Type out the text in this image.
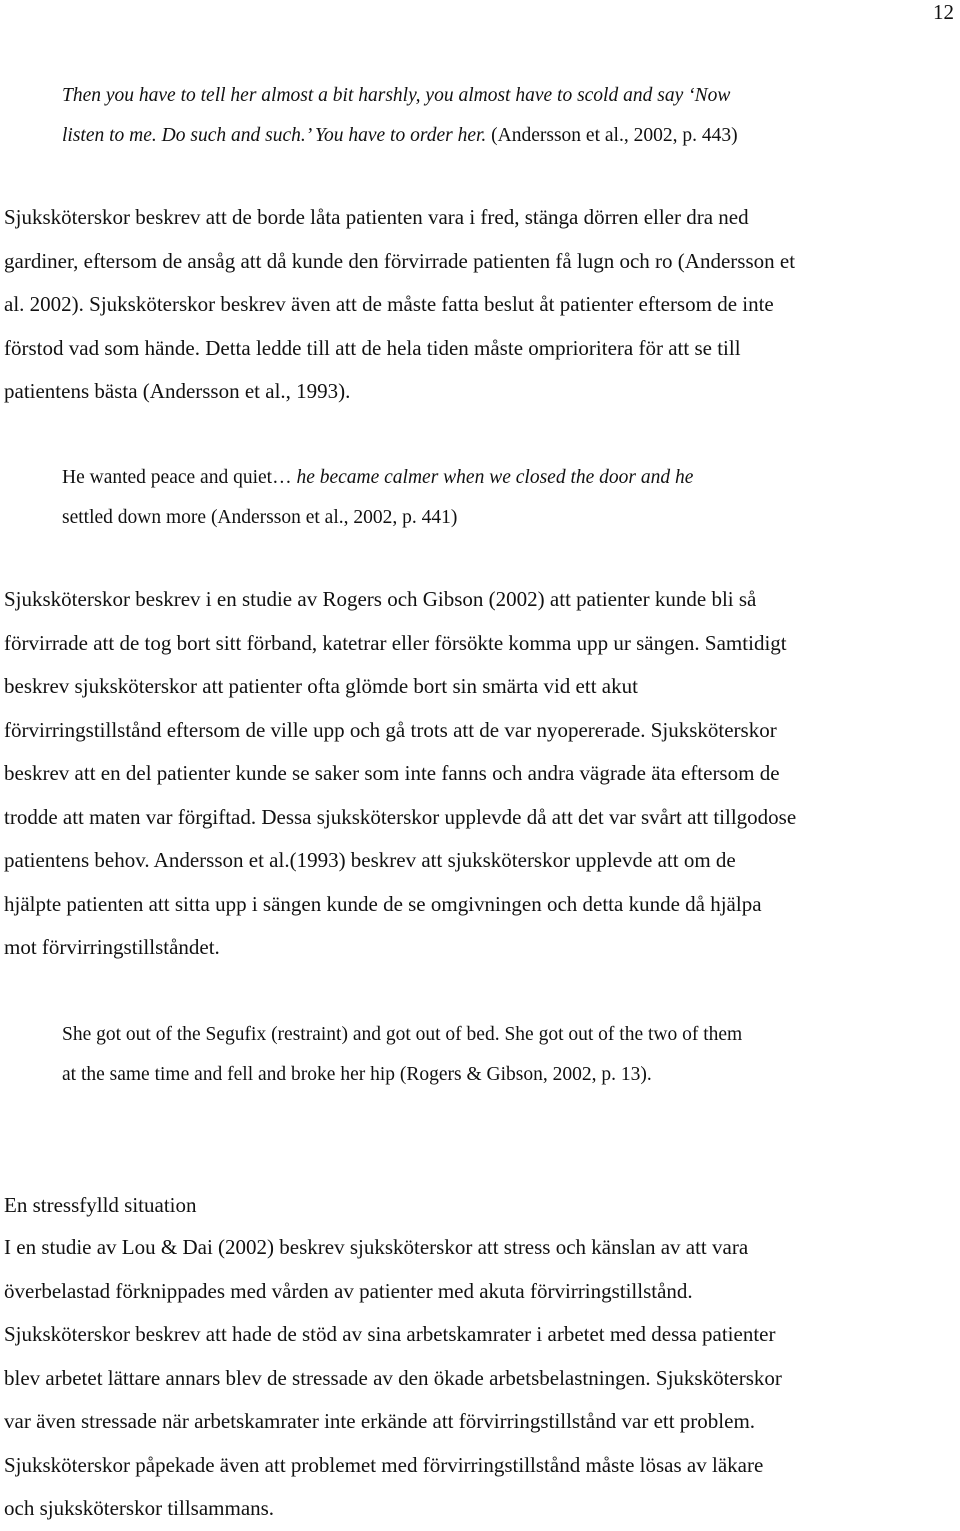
12
Then you have to tell her almost a bit harshly, you almost have to scold and say ‘Now
listen to me. Do such and such.’ You have to order her. (Andersson et al., 2002, p. 443)
Sjuksköterskor beskrev att de borde låta patienten vara i fred, stänga dörren eller dra ned
gardiner, eftersom de ansåg att då kunde den förvirrade patienten få lugn och ro (Andersson et
al. 2002). Sjuksköterskor beskrev även att de måste fatta beslut åt patienter eftersom de inte
förstod vad som hände. Detta ledde till att de hela tiden måste omprioritera för att se till
patientens bästa (Andersson et al., 1993).
He wanted peace and quiet… he became calmer when we closed the door and he
settled down more (Andersson et al., 2002, p. 441)
Sjuksköterskor beskrev i en studie av Rogers och Gibson (2002) att patienter kunde bli så
förvirrade att de tog bort sitt förband, katetrar eller försökte komma upp ur sängen. Samtidigt
beskrev sjuksköterskor att patienter ofta glömde bort sin smärta vid ett akut
förvirringstillstånd eftersom de ville upp och gå trots att de var nyopererade. Sjuksköterskor
beskrev att en del patienter kunde se saker som inte fanns och andra vägrade äta eftersom de
trodde att maten var förgiftad. Dessa sjuksköterskor upplevde då att det var svårt att tillgodose
patientens behov. Andersson et al.(1993) beskrev att sjuksköterskor upplevde att om de
hjälpte patienten att sitta upp i sängen kunde de se omgivningen och detta kunde då hjälpa
mot förvirringstillståndet.
She got out of the Segufix (restraint) and got out of bed. She got out of the two of them
at the same time and fell and broke her hip (Rogers & Gibson, 2002, p. 13).
En stressfylld situation
I en studie av Lou & Dai (2002) beskrev sjuksköterskor att stress och känslan av att vara
överbelastad förknippades med vården av patienter med akuta förvirringstillstånd.
Sjuksköterskor beskrev att hade de stöd av sina arbetskamrater i arbetet med dessa patienter
blev arbetet lättare annars blev de stressade av den ökade arbetsbelastningen. Sjuksköterskor
var även stressade när arbetskamrater inte erkände att förvirringstillstånd var ett problem.
Sjuksköterskor påpekade även att problemet med förvirringstillstånd måste lösas av läkare
och sjuksköterskor tillsammans.
